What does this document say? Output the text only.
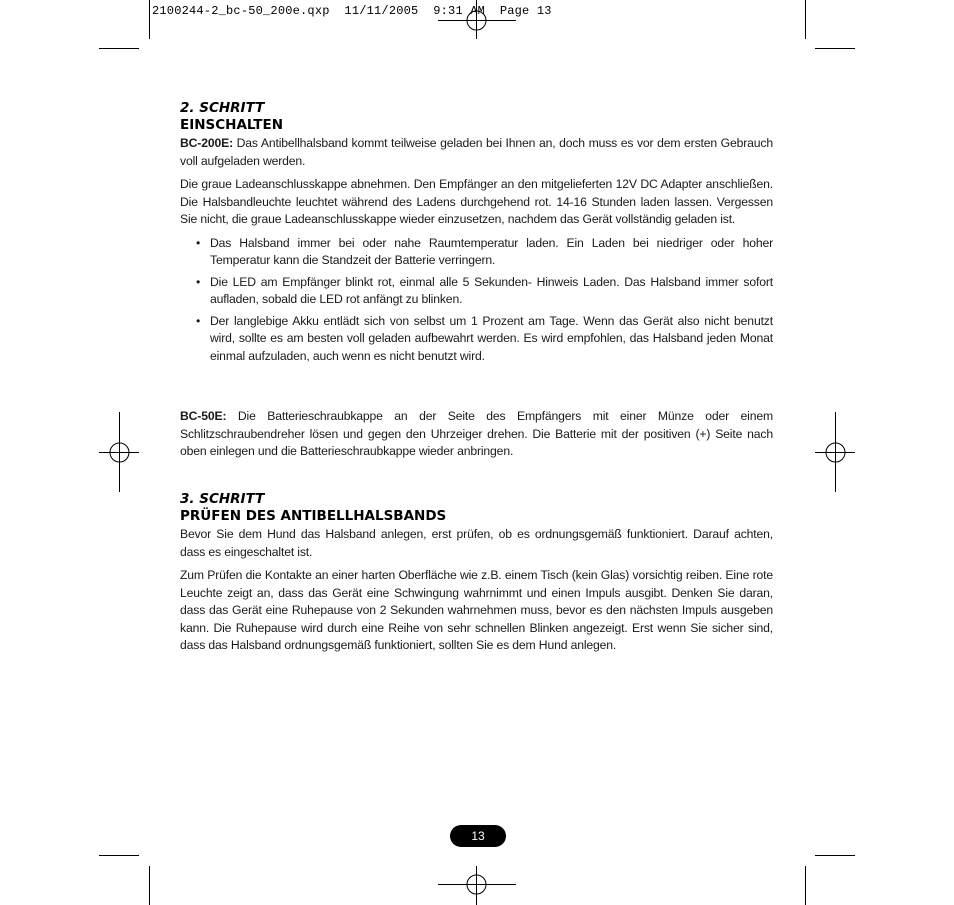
2100244-2_bc-50_200e.qxp  11/11/2005  9:31 AM  Page 13
2. SCHRITT
EINSCHALTEN

BC-200E: Das Antibellhalsband kommt teilweise geladen bei Ihnen an, doch muss es vor dem ersten Gebrauch voll aufgeladen werden.

Die graue Ladeanschlusskappe abnehmen. Den Empfänger an den mitgelieferten 12V DC Adapter anschließen. Die Halsbandleuchte leuchtet während des Ladens durchgehend rot. 14-16 Stunden laden lassen. Vergessen Sie nicht, die graue Ladeanschlusskappe wieder einzusetzen, nachdem das Gerät vollständig geladen ist.

• Das Halsband immer bei oder nahe Raumtemperatur laden. Ein Laden bei niedriger oder hoher Temperatur kann die Standzeit der Batterie verringern.
• Die LED am Empfänger blinkt rot, einmal alle 5 Sekunden- Hinweis Laden. Das Halsband immer sofort aufladen, sobald die LED rot anfängt zu blinken.
• Der langlebige Akku entlädt sich von selbst um 1 Prozent am Tage. Wenn das Gerät also nicht benutzt wird, sollte es am besten voll geladen aufbewahrt werden. Es wird empfohlen, das Halsband jeden Monat einmal aufzuladen, auch wenn es nicht benutzt wird.

BC-50E: Die Batterieschraubkappe an der Seite des Empfängers mit einer Münze oder einem Schlitzschraubendreher lösen und gegen den Uhrzeiger drehen. Die Batterie mit der positiven (+) Seite nach oben einlegen und die Batterieschraubkappe wieder anbringen.

3. SCHRITT
PRÜFEN DES ANTIBELLHALSBANDS

Bevor Sie dem Hund das Halsband anlegen, erst prüfen, ob es ordnungsgemäß funktioniert. Darauf achten, dass es eingeschaltet ist.

Zum Prüfen die Kontakte an einer harten Oberfläche wie z.B. einem Tisch (kein Glas) vorsichtig reiben. Eine rote Leuchte zeigt an, dass das Gerät eine Schwingung wahrnimmt und einen Impuls ausgibt. Denken Sie daran, dass das Gerät eine Ruhepause von 2 Sekunden wahrnehmen muss, bevor es den nächsten Impuls ausgeben kann. Die Ruhepause wird durch eine Reihe von sehr schnellen Blinken angezeigt. Erst wenn Sie sicher sind, dass das Halsband ordnungsgemäß funktioniert, sollten Sie es dem Hund anlegen.

13
